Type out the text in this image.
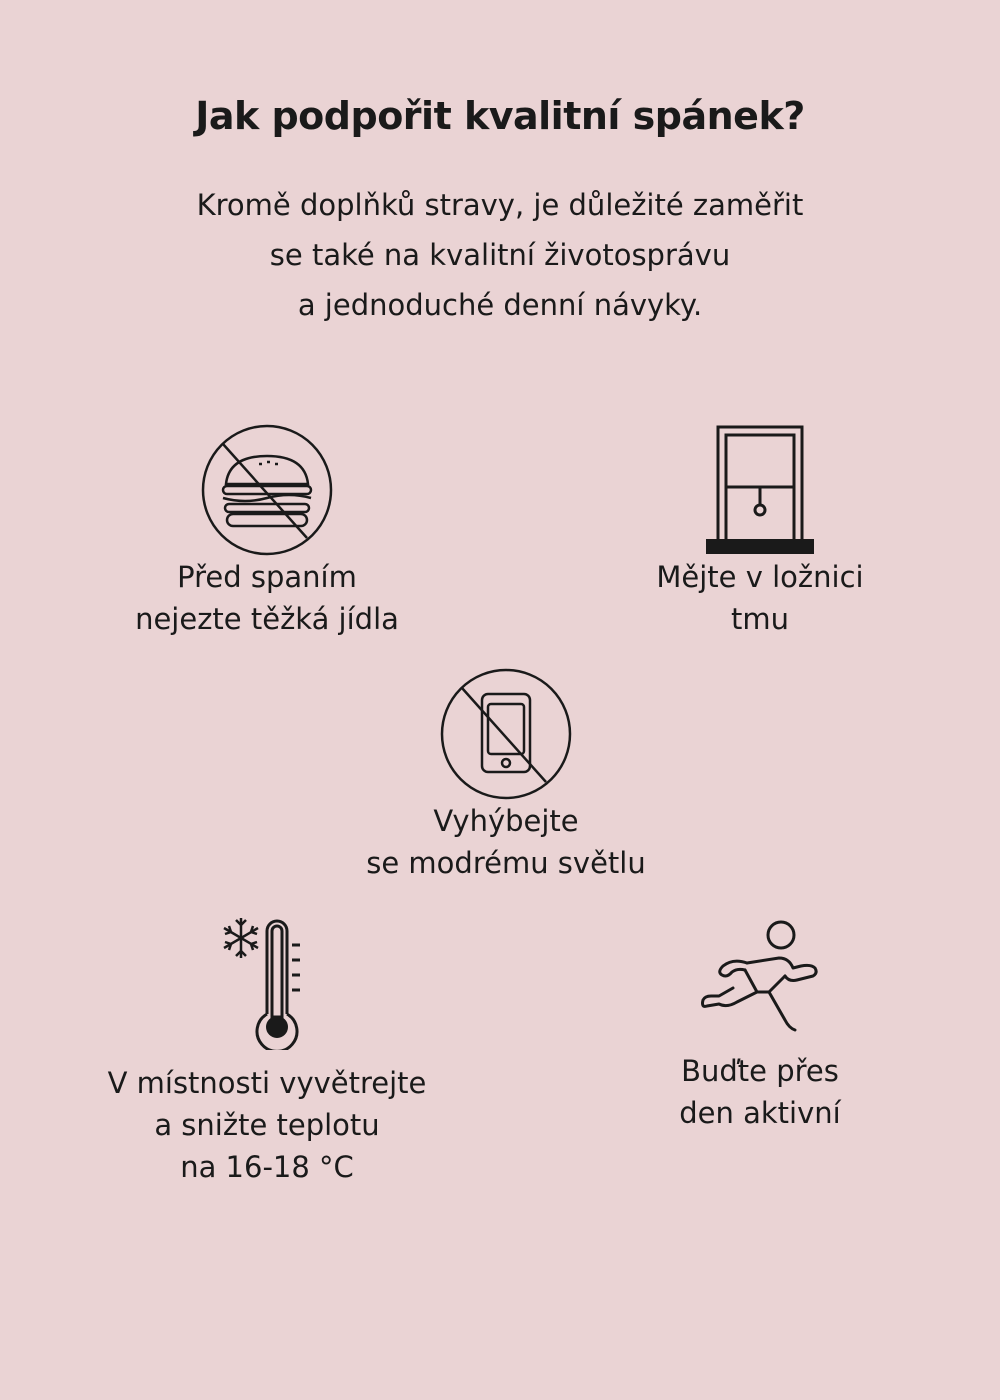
Jak podpořit kvalitní spánek?
Kromě doplňků stravy, je důležité zaměřit
se také na kvalitní životosprávu
a jednoduché denní návyky.
Před spaním
nejezte těžká jídla
Mějte v ložnici
tmu
Vyhýbejte
se modrému světlu
V místnosti vyvětrejte
a snižte teplotu
na 16-18 °C
Buďte přes
den aktivní
